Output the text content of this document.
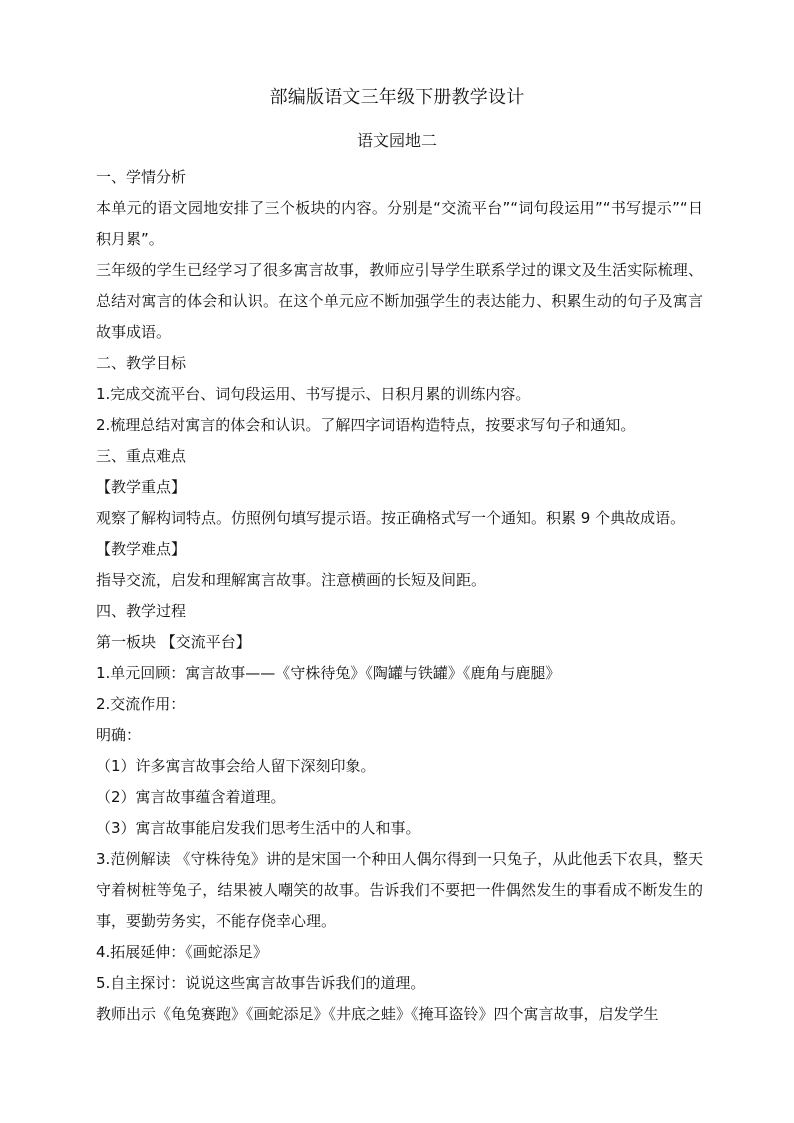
部编版语文三年级下册教学设计
语文园地二

一、学情分析

本单元的语文园地安排了三个板块的内容。分别是“交流平台”“词句段运用”“书写提示”“日积月累”。

三年级的学生已经学习了很多寓言故事，教师应引导学生联系学过的课文及生活实际梳理、总结对寓言的体会和认识。在这个单元应不断加强学生的表达能力、积累生动的句子及寓言故事成语。

二、教学目标

1.完成交流平台、词句段运用、书写提示、日积月累的训练内容。

2.梳理总结对寓言的体会和认识。了解四字词语构造特点，按要求写句子和通知。

三、重点难点

【教学重点】

观察了解构词特点。仿照例句填写提示语。按正确格式写一个通知。积累 9 个典故成语。

【教学难点】

指导交流，启发和理解寓言故事。注意横画的长短及间距。

四、教学过程

第一板块 【交流平台】

1.单元回顾：寓言故事——《守株待兔》《陶罐与铁罐》《鹿角与鹿腿》

2.交流作用：

明确：

（1）许多寓言故事会给人留下深刻印象。

（2）寓言故事蕴含着道理。

（3）寓言故事能启发我们思考生活中的人和事。

3.范例解读 《守株待兔》讲的是宋国一个种田人偶尔得到一只兔子，从此他丢下农具，整天守着树桩等兔子，结果被人嘲笑的故事。告诉我们不要把一件偶然发生的事看成不断发生的事，要勤劳务实，不能存侥幸心理。

4.拓展延伸：《画蛇添足》

5.自主探讨：说说这些寓言故事告诉我们的道理。

教师出示《龟兔赛跑》《画蛇添足》《井底之蛙》《掩耳盗铃》四个寓言故事，启发学生
